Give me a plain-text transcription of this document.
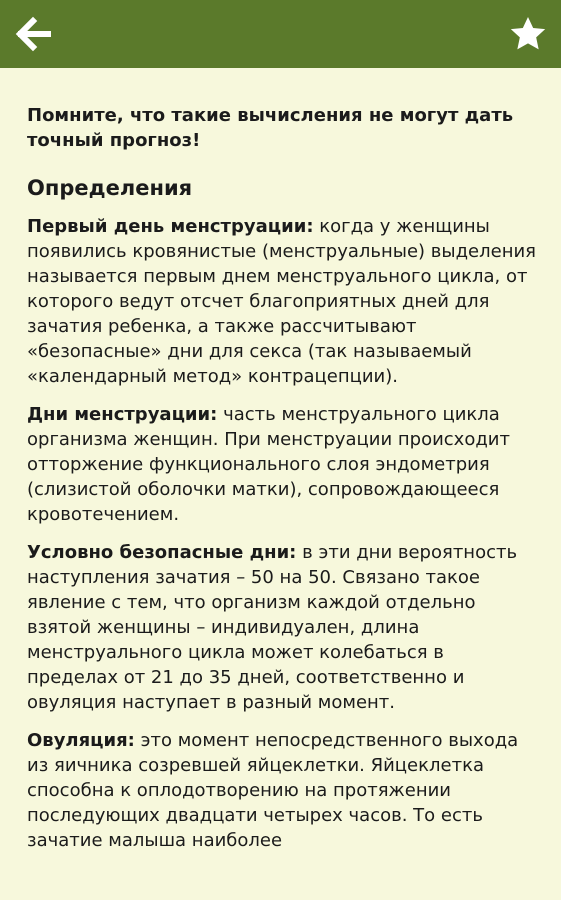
Помните, что такие вычисления не могут дать точный прогноз!

Определения

Первый день менструации: когда у женщины появились кровянистые (менструальные) выделения называется первым днем менструального цикла, от которого ведут отсчет благоприятных дней для зачатия ребенка, а также рассчитывают «безопасные» дни для секса (так называемый «календарный метод» контрацепции).

Дни менструации: часть менструального цикла организма женщин. При менструации происходит отторжение функционального слоя эндометрия (слизистой оболочки матки), сопровождающееся кровотечением.

Условно безопасные дни: в эти дни вероятность наступления зачатия – 50 на 50. Связано такое явление с тем, что организм каждой отдельно взятой женщины – индивидуален, длина менструального цикла может колебаться в пределах от 21 до 35 дней, соответственно и овуляция наступает в разный момент.

Овуляция: это момент непосредственного выхода из яичника созревшей яйцеклетки. Яйцеклетка способна к оплодотворению на протяжении последующих двадцати четырех часов. То есть зачатие малыша наиболее
